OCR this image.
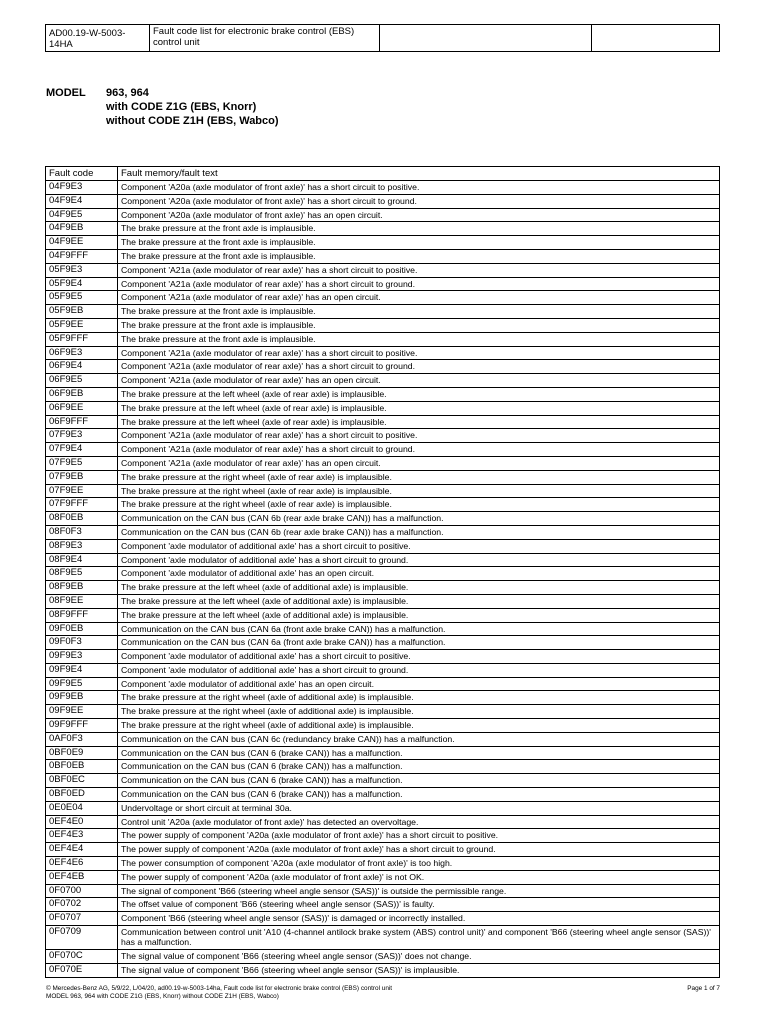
AD00.19-W-5003-14HA	Fault code list for electronic brake control (EBS) control unit		
MODEL	963, 964
with CODE Z1G (EBS, Knorr)
without CODE Z1H (EBS, Wabco)
Fault code	Fault memory/fault text
04F9E3	Component 'A20a (axle modulator of front axle)' has a short circuit to positive.
04F9E4	Component 'A20a (axle modulator of front axle)' has a short circuit to ground.
04F9E5	Component 'A20a (axle modulator of front axle)' has an open circuit.
04F9EB	The brake pressure at the front axle is implausible.
04F9EE	The brake pressure at the front axle is implausible.
04F9FFF	The brake pressure at the front axle is implausible.
05F9E3	Component 'A21a (axle modulator of rear axle)' has a short circuit to positive.
05F9E4	Component 'A21a (axle modulator of rear axle)' has a short circuit to ground.
05F9E5	Component 'A21a (axle modulator of rear axle)' has an open circuit.
05F9EB	The brake pressure at the front axle is implausible.
05F9EE	The brake pressure at the front axle is implausible.
05F9FFF	The brake pressure at the front axle is implausible.
06F9E3	Component 'A21a (axle modulator of rear axle)' has a short circuit to positive.
06F9E4	Component 'A21a (axle modulator of rear axle)' has a short circuit to ground.
06F9E5	Component 'A21a (axle modulator of rear axle)' has an open circuit.
06F9EB	The brake pressure at the left wheel (axle of rear axle) is implausible.
06F9EE	The brake pressure at the left wheel (axle of rear axle) is implausible.
06F9FFF	The brake pressure at the left wheel (axle of rear axle) is implausible.
07F9E3	Component 'A21a (axle modulator of rear axle)' has a short circuit to positive.
07F9E4	Component 'A21a (axle modulator of rear axle)' has a short circuit to ground.
07F9E5	Component 'A21a (axle modulator of rear axle)' has an open circuit.
07F9EB	The brake pressure at the right wheel (axle of rear axle) is implausible.
07F9EE	The brake pressure at the right wheel (axle of rear axle) is implausible.
07F9FFF	The brake pressure at the right wheel (axle of rear axle) is implausible.
08F0EB	Communication on the CAN bus (CAN 6b (rear axle brake CAN)) has a malfunction.
08F0F3	Communication on the CAN bus (CAN 6b (rear axle brake CAN)) has a malfunction.
08F9E3	Component 'axle modulator of additional axle' has a short circuit to positive.
08F9E4	Component 'axle modulator of additional axle' has a short circuit to ground.
08F9E5	Component 'axle modulator of additional axle' has an open circuit.
08F9EB	The brake pressure at the left wheel (axle of additional axle) is implausible.
08F9EE	The brake pressure at the left wheel (axle of additional axle) is implausible.
08F9FFF	The brake pressure at the left wheel (axle of additional axle) is implausible.
09F0EB	Communication on the CAN bus (CAN 6a (front axle brake CAN)) has a malfunction.
09F0F3	Communication on the CAN bus (CAN 6a (front axle brake CAN)) has a malfunction.
09F9E3	Component 'axle modulator of additional axle' has a short circuit to positive.
09F9E4	Component 'axle modulator of additional axle' has a short circuit to ground.
09F9E5	Component 'axle modulator of additional axle' has an open circuit.
09F9EB	The brake pressure at the right wheel (axle of additional axle) is implausible.
09F9EE	The brake pressure at the right wheel (axle of additional axle) is implausible.
09F9FFF	The brake pressure at the right wheel (axle of additional axle) is implausible.
0AF0F3	Communication on the CAN bus (CAN 6c (redundancy brake CAN)) has a malfunction.
0BF0E9	Communication on the CAN bus (CAN 6 (brake CAN)) has a malfunction.
0BF0EB	Communication on the CAN bus (CAN 6 (brake CAN)) has a malfunction.
0BF0EC	Communication on the CAN bus (CAN 6 (brake CAN)) has a malfunction.
0BF0ED	Communication on the CAN bus (CAN 6 (brake CAN)) has a malfunction.
0E0E04	Undervoltage or short circuit at terminal 30a.
0EF4E0	Control unit 'A20a (axle modulator of front axle)' has detected an overvoltage.
0EF4E3	The power supply of component 'A20a (axle modulator of front axle)' has a short circuit to positive.
0EF4E4	The power supply of component 'A20a (axle modulator of front axle)' has a short circuit to ground.
0EF4E6	The power consumption of component 'A20a (axle modulator of front axle)' is too high.
0EF4EB	The power supply of component 'A20a (axle modulator of front axle)' is not OK.
0F0700	The signal of component 'B66 (steering wheel angle sensor (SAS))' is outside the permissible range.
0F0702	The offset value of component 'B66 (steering wheel angle sensor (SAS))' is faulty.
0F0707	Component 'B66 (steering wheel angle sensor (SAS))' is damaged or incorrectly installed.
0F0709	Communication between control unit 'A10 (4-channel antilock brake system (ABS) control unit)' and component 'B66 (steering wheel angle sensor (SAS))' has a malfunction.
0F070C	The signal value of component 'B66 (steering wheel angle sensor (SAS))' does not change.
0F070E	The signal value of component 'B66 (steering wheel angle sensor (SAS))' is implausible.
© Mercedes-Benz AG, 5/9/22, L/04/20, ad00.19-w-5003-14ha, Fault code list for electronic brake control (EBS) control unit	Page 1 of 7
MODEL 963, 964 with CODE Z1G (EBS, Knorr) without CODE Z1H (EBS, Wabco)
